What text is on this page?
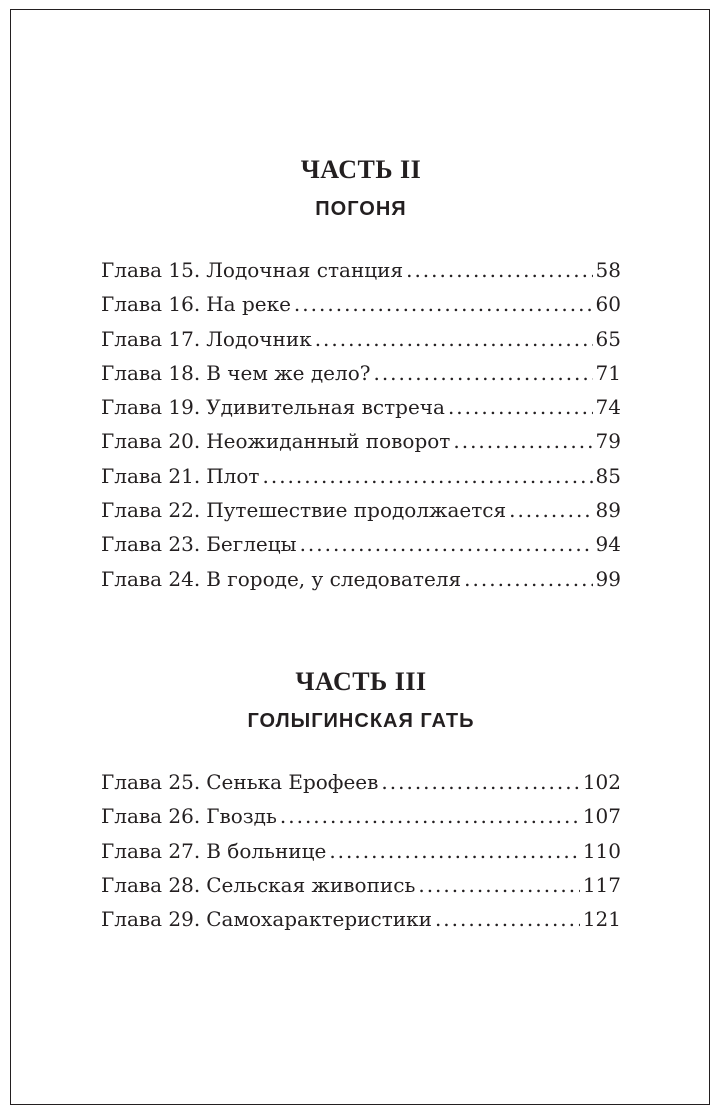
ЧАСТЬ II
ПОГОНЯ
Глава 15. Лодочная станция .....	58
Глава 16. На реке .....	60
Глава 17. Лодочник .....	65
Глава 18. В чем же дело? .....	71
Глава 19. Удивительная встреча .....	74
Глава 20. Неожиданный поворот .....	79
Глава 21. Плот .....	85
Глава 22. Путешествие продолжается .....	89
Глава 23. Беглецы .....	94
Глава 24. В городе, у следователя .....	99
ЧАСТЬ III
ГОЛЫГИНСКАЯ ГАТЬ
Глава 25. Сенька Ерофеев .....	102
Глава 26. Гвоздь .....	107
Глава 27. В больнице .....	110
Глава 28. Сельская живопись .....	117
Глава 29. Самохарактеристики .....	121
